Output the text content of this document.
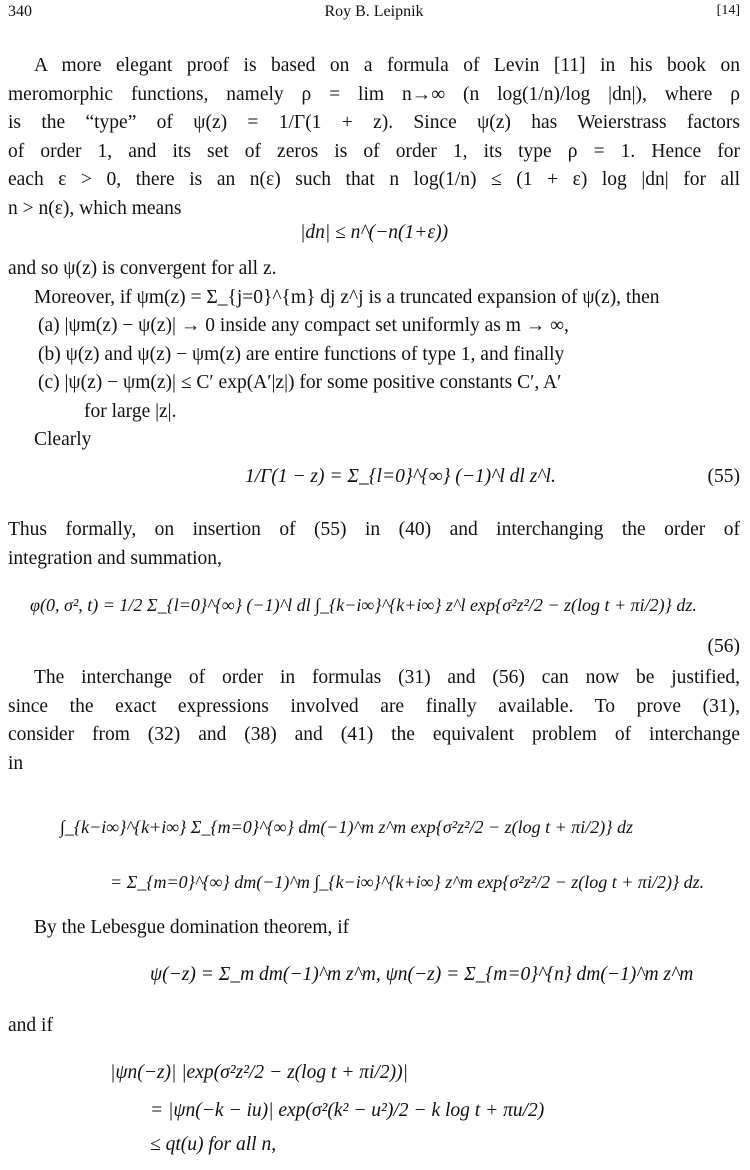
340	Roy B. Leipnik	[14]
A more elegant proof is based on a formula of Levin [11] in his book on
meromorphic functions, namely ρ = lim n→∞ (n log(1/n)/log |dn|), where ρ
is the “type” of ψ(z) = 1/Γ(1 + z). Since ψ(z) has Weierstrass factors
of order 1, and its set of zeros is of order 1, its type ρ = 1. Hence for
each ε > 0, there is an n(ε) such that n log(1/n) ≤ (1 + ε) log |dn| for all
n > n(ε), which means
|dn| ≤ n^(−n(1+ε))
and so ψ(z) is convergent for all z.
Moreover, if ψm(z) = Σ_{j=0}^{m} dj z^j is a truncated expansion of ψ(z), then
(a) |ψm(z) − ψ(z)| → 0 inside any compact set uniformly as m → ∞,
(b) ψ(z) and ψ(z) − ψm(z) are entire functions of type 1, and finally
(c) |ψ(z) − ψm(z)| ≤ C′ exp(A′|z|) for some positive constants C′, A′
for large |z|.
Clearly
1/Γ(1 − z) = Σ_{l=0}^{∞} (−1)^l dl z^l.	(55)
Thus formally, on insertion of (55) in (40) and interchanging the order of
integration and summation,
φ(0, σ², t) = 1/2 Σ_{l=0}^{∞} (−1)^l dl ∫_{k−i∞}^{k+i∞} z^l exp{σ²z²/2 − z(log t + πi/2)} dz.
(56)
The interchange of order in formulas (31) and (56) can now be justified,
since the exact expressions involved are finally available. To prove (31),
consider from (32) and (38) and (41) the equivalent problem of interchange
in
∫_{k−i∞}^{k+i∞} Σ_{m=0}^{∞} dm(−1)^m z^m exp{σ²z²/2 − z(log t + πi/2)} dz
= Σ_{m=0}^{∞} dm(−1)^m ∫_{k−i∞}^{k+i∞} z^m exp{σ²z²/2 − z(log t + πi/2)} dz.
By the Lebesgue domination theorem, if
ψ(−z) = Σ_m dm(−1)^m z^m, ψn(−z) = Σ_{m=0}^{n} dm(−1)^m z^m
and if
|ψn(−z)| |exp(σ²z²/2 − z(log t + πi/2))|
= |ψn(−k − iu)| exp(σ²(k² − u²)/2 − k log t + πu/2)
≤ qt(u) for all n,
